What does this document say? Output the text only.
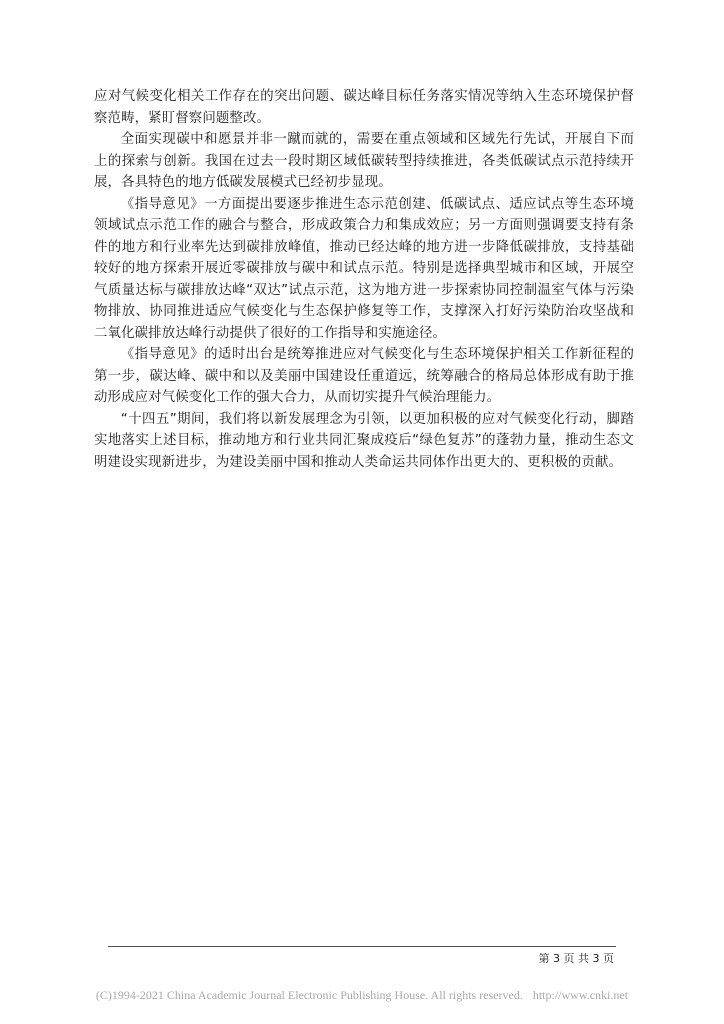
应对气候变化相关工作存在的突出问题、碳达峰目标任务落实情况等纳入生态环境保护督察范畴，紧盯督察问题整改。

全面实现碳中和愿景并非一蹴而就的，需要在重点领域和区域先行先试，开展自下而上的探索与创新。我国在过去一段时期区域低碳转型持续推进，各类低碳试点示范持续开展，各具特色的地方低碳发展模式已经初步显现。

《指导意见》一方面提出要逐步推进生态示范创建、低碳试点、适应试点等生态环境领域试点示范工作的融合与整合，形成政策合力和集成效应；另一方面则强调要支持有条件的地方和行业率先达到碳排放峰值，推动已经达峰的地方进一步降低碳排放，支持基础较好的地方探索开展近零碳排放与碳中和试点示范。特别是选择典型城市和区域，开展空气质量达标与碳排放达峰“双达”试点示范，这为地方进一步探索协同控制温室气体与污染物排放、协同推进适应气候变化与生态保护修复等工作，支撑深入打好污染防治攻坚战和二氧化碳排放达峰行动提供了很好的工作指导和实施途径。

《指导意见》的适时出台是统筹推进应对气候变化与生态环境保护相关工作新征程的第一步，碳达峰、碳中和以及美丽中国建设任重道远，统筹融合的格局总体形成有助于推动形成应对气候变化工作的强大合力，从而切实提升气候治理能力。

“十四五”期间，我们将以新发展理念为引领，以更加积极的应对气候变化行动，脚踏实地落实上述目标，推动地方和行业共同汇聚成疫后“绿色复苏”的蓬勃力量，推动生态文明建设实现新进步，为建设美丽中国和推动人类命运共同体作出更大的、更积极的贡献。

第 3 页 共 3 页
(C)1994-2021 China Academic Journal Electronic Publishing House. All rights reserved. http://www.cnki.net
